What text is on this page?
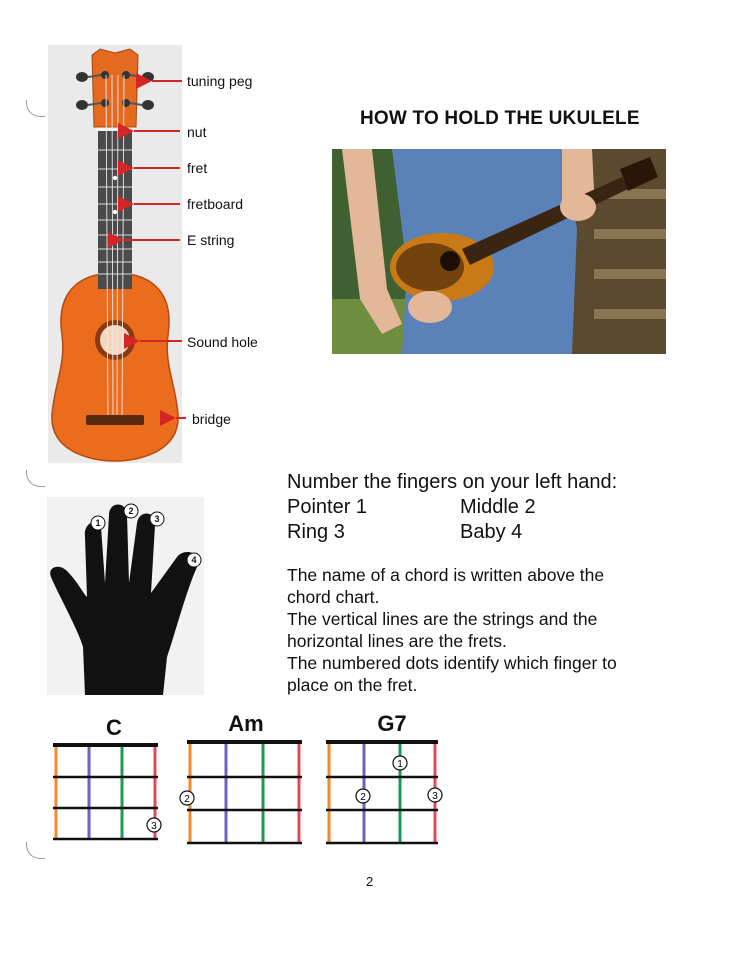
tuning peg
nut
fret
fretboard
E string
Sound hole
bridge
HOW TO HOLD THE UKULELE
1
2
3
4
Number the fingers on your left hand:
Pointer 1	Middle 2
Ring 3	Baby 4
The name of a chord is written above the
chord chart.
The vertical lines are the strings and the
horizontal lines are the frets.
The numbered dots identify which finger to
place on the fret.
C	Am	G7
3
2
1
2	3
2
